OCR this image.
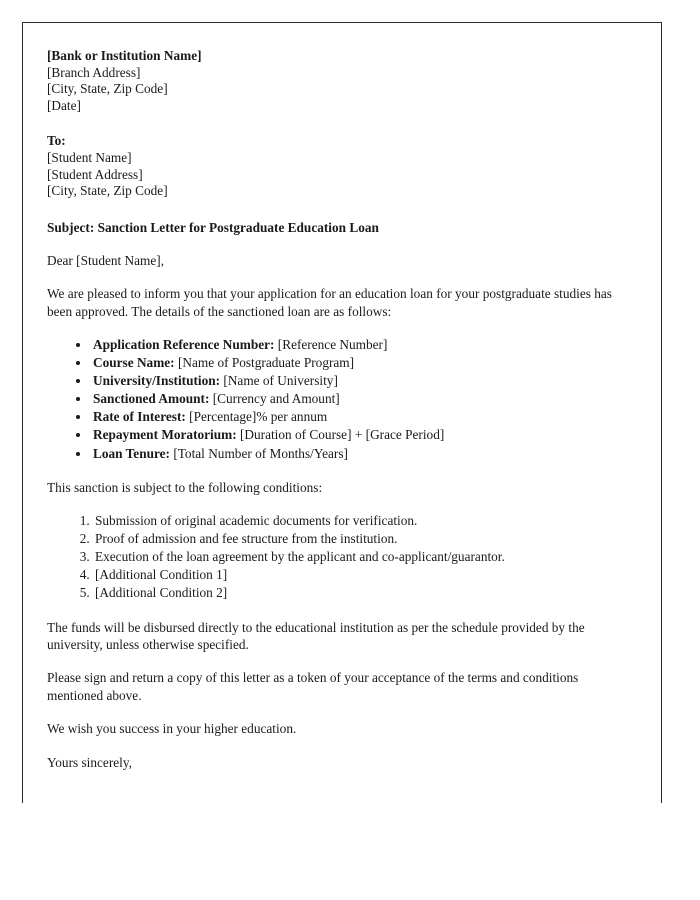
[Bank or Institution Name]
[Branch Address]
[City, State, Zip Code]
[Date]
To:
[Student Name]
[Student Address]
[City, State, Zip Code]
Subject: Sanction Letter for Postgraduate Education Loan
Dear [Student Name],

We are pleased to inform you that your application for an education loan for your postgraduate studies has been approved. The details of the sanctioned loan are as follows:

• Application Reference Number: [Reference Number]
• Course Name: [Name of Postgraduate Program]
• University/Institution: [Name of University]
• Sanctioned Amount: [Currency and Amount]
• Rate of Interest: [Percentage]% per annum
• Repayment Moratorium: [Duration of Course] + [Grace Period]
• Loan Tenure: [Total Number of Months/Years]
This sanction is subject to the following conditions:
1. Submission of original academic documents for verification.
2. Proof of admission and fee structure from the institution.
3. Execution of the loan agreement by the applicant and co-applicant/guarantor.
4. [Additional Condition 1]
5. [Additional Condition 2]

The funds will be disbursed directly to the educational institution as per the schedule provided by the university, unless otherwise specified.

Please sign and return a copy of this letter as a token of your acceptance of the terms and conditions mentioned above.

We wish you success in your higher education.

Yours sincerely,
